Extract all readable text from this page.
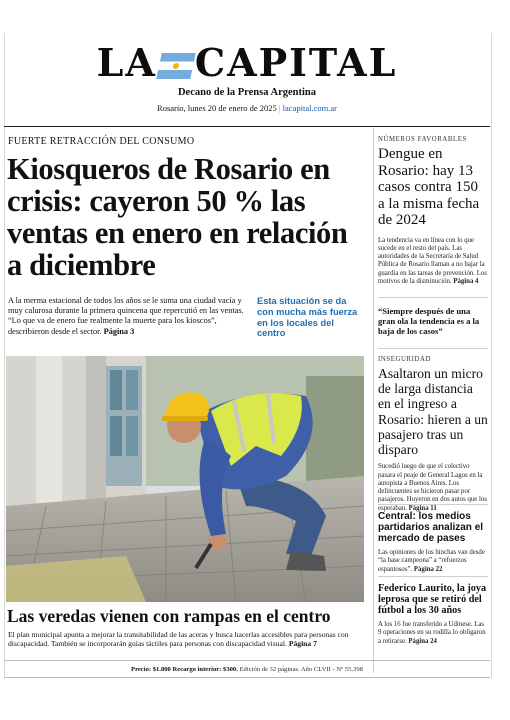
LA CAPITAL
Decano de la Prensa Argentina
Rosario, lunes 20 de enero de 2025 | lacapital.com.ar
FUERTE RETRACCIÓN DEL CONSUMO
Kiosqueros de Rosario en crisis: cayeron 50 % las ventas en enero en relación a diciembre
A la merma estacional de todos los años se le suma una ciudad vacía y muy calurosa durante la primera quincena que repercutió en las ventas. “Lo que va de enero fue realmente la muerte para los kioscos”, describieron desde el sector. Página 3
Esta situación se da con mucha más fuerza en los locales del centro
Las veredas vienen con rampas en el centro
El plan municipal apunta a mejorar la transitabilidad de las aceras y busca hacerlas accesibles para personas con discapacidad. También se incorporarán guías táctiles para personas con discapacidad visual. Página 7
NÚMEROS FAVORABLES
Dengue en Rosario: hay 13 casos contra 150 a la misma fecha de 2024
La tendencia va en línea con lo que sucede en el resto del país. Las autoridades de la Secretaría de Salud Pública de Rosario llaman a no bajar la guardia en las tareas de prevención. Los motivos de la disminución. Página 4
“Siempre después de una gran ola la tendencia es a la baja de los casos”
INSEGURIDAD
Asaltaron un micro de larga distancia en el ingreso a Rosario: hieren a un pasajero tras un disparo
Sucedió luego de que el colectivo pasara el peaje de General Lagos en la autopista a Buenos Aires. Los delincuentes se hicieron pasar por pasajeros. Huyeron en dos autos que los esperaban. Página 11
Central: los medios partidarios analizan el mercado de pases
Las opiniones de los hinchas van desde “la base campeona” a “refuerzos espantosos”. Página 22
Federico Laurito, la joya leprosa que se retiró del fútbol a los 30 años
A los 16 fue transferido a Udinese. Las 9 operaciones en su rodilla lo obligaron a retirarse. Página 24
Precio: $1.800 Recargo interior: $300. Edición de 32 páginas. Año CLVII - Nº 55.398
